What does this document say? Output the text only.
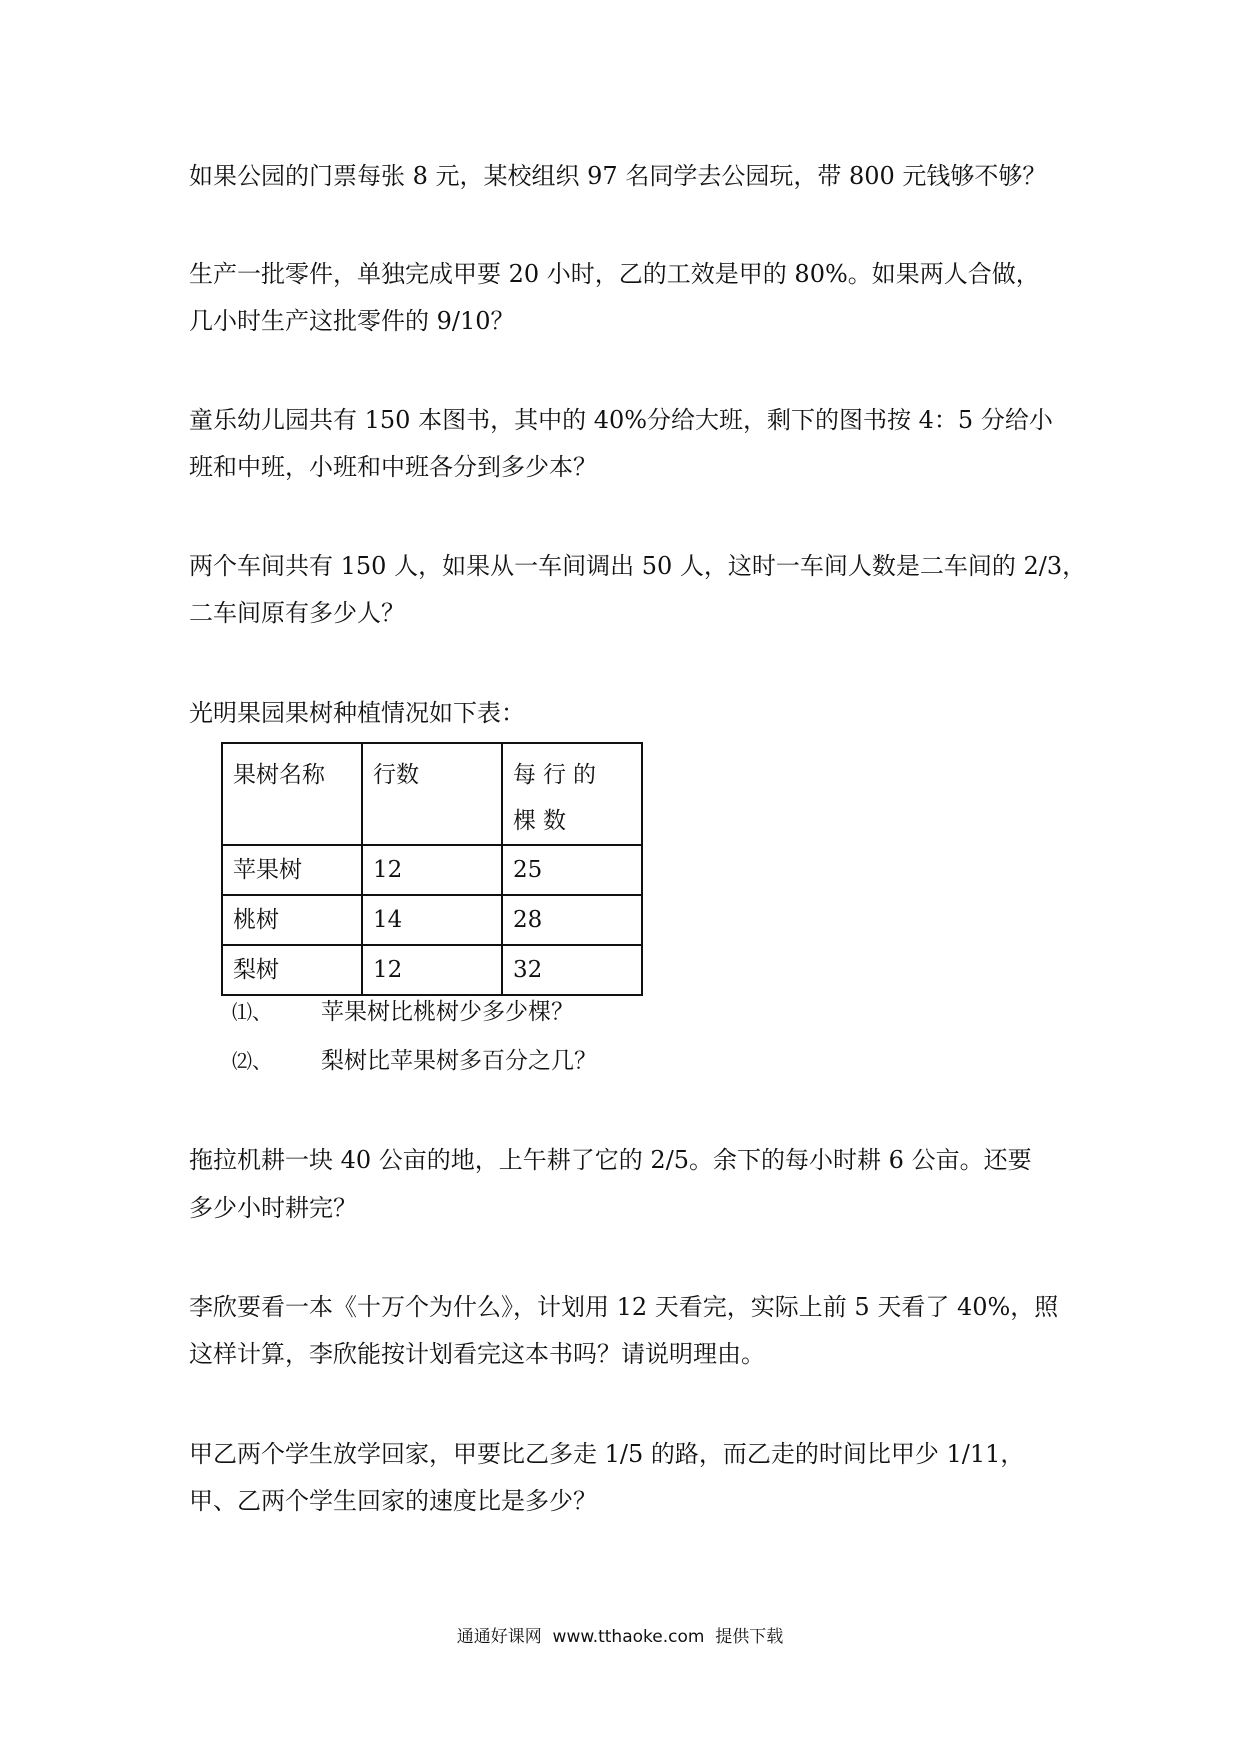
如果公园的门票每张 8 元，某校组织 97 名同学去公园玩，带 800 元钱够不够？

生产一批零件，单独完成甲要 20 小时，乙的工效是甲的 80%。如果两人合做，

几小时生产这批零件的 9/10？

童乐幼儿园共有 150 本图书，其中的 40%分给大班，剩下的图书按 4：5 分给小

班和中班，小班和中班各分到多少本？

两个车间共有 150 人，如果从一车间调出 50 人，这时一车间人数是二车间的 2/3，

二车间原有多少人？

光明果园果树种植情况如下表：

果树名称	行数	每行的棵数
苹果树	12	25
桃树	14	28
梨树	12	32
⑴、 苹果树比桃树少多少棵？
⑵、 梨树比苹果树多百分之几？

拖拉机耕一块 40 公亩的地，上午耕了它的 2/5。余下的每小时耕 6 公亩。还要

多少小时耕完？

李欣要看一本《十万个为什么》，计划用 12 天看完，实际上前 5 天看了 40%，照

这样计算，李欣能按计划看完这本书吗？请说明理由。

甲乙两个学生放学回家，甲要比乙多走 1/5 的路，而乙走的时间比甲少 1/11，

甲、乙两个学生回家的速度比是多少？

通通好课网  www.tthaoke.com  提供下载
